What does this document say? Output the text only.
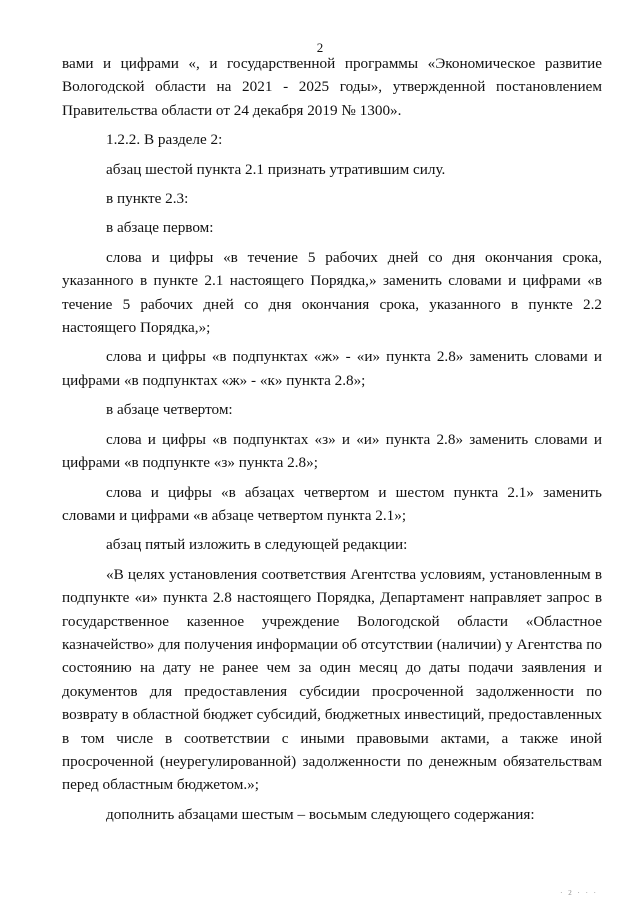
'
2

вами и цифрами «, и государственной программы «Экономическое развитие Вологодской области на 2021 - 2025 годы», утвержденной постановлением Правительства области от 24 декабря 2019 № 1300».

1.2.2. В разделе 2:

абзац шестой пункта 2.1 признать утратившим силу.

в пункте 2.3:

в абзаце первом:

слова и цифры «в течение 5 рабочих дней со дня окончания срока, указанного в пункте 2.1 настоящего Порядка,» заменить словами и цифрами «в течение 5 рабочих дней со дня окончания срока, указанного в пункте 2.2 настоящего Порядка,»;

слова и цифры «в подпунктах «ж» - «и» пункта 2.8» заменить словами и цифрами «в подпунктах «ж» - «к» пункта 2.8»;

в абзаце четвертом:

слова и цифры «в подпунктах «з» и «и» пункта 2.8» заменить словами и цифрами «в подпункте «з» пункта 2.8»;

слова и цифры «в абзацах четвертом и шестом пункта 2.1» заменить словами и цифрами «в абзаце четвертом пункта 2.1»;

абзац пятый изложить в следующей редакции:

«В целях установления соответствия Агентства условиям, установленным в подпункте «и» пункта 2.8 настоящего Порядка, Департамент направляет запрос в государственное казенное учреждение Вологодской области «Областное казначейство» для получения информации об отсутствии (наличии) у Агентства по состоянию на дату не ранее чем за один месяц до даты подачи заявления и документов для предоставления субсидии просроченной задолженности по возврату в областной бюджет субсидий, бюджетных инвестиций, предоставленных в том числе в соответствии с иными правовыми актами, а также иной просроченной (неурегулированной) задолженности по денежным обязательствам перед областным бюджетом.»;

дополнить абзацами шестым – восьмым следующего содержания:

· 2 · · ·
